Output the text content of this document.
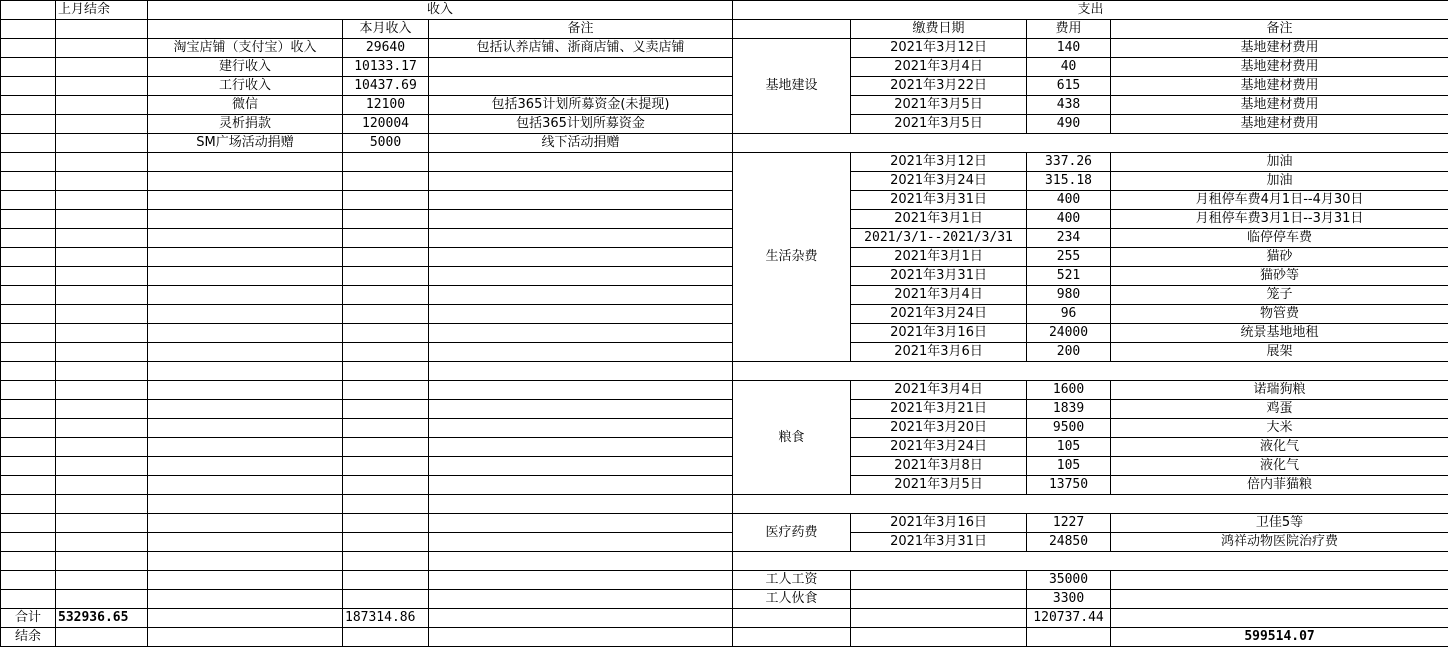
	上月结余	收入			支出			
			本月收入	备注		缴费日期	费用	备注
		淘宝店铺（支付宝）收入	29640	包括认养店铺、浙商店铺、义卖店铺	基地建设	2021年3月12日	140	基地建材费用
		建行收入	10133.17			2021年3月4日	40	基地建材费用
		工行收入	10437.69			2021年3月22日	615	基地建材费用
		微信	12100	包括365计划所募资金(未提现)		2021年3月5日	438	基地建材费用
		灵析捐款	120004	包括365计划所募资金		2021年3月5日	490	基地建材费用
		SM广场活动捐赠	5000	线下活动捐赠				
					生活杂费	2021年3月12日	337.26	加油
						2021年3月24日	315.18	加油
						2021年3月31日	400	月租停车费4月1日--4月30日
						2021年3月1日	400	月租停车费3月1日--3月31日
						2021/3/1--2021/3/31	234	临停停车费
						2021年3月1日	255	猫砂
						2021年3月31日	521	猫砂等
						2021年3月4日	980	笼子
						2021年3月24日	96	物管费
						2021年3月16日	24000	统景基地地租
						2021年3月6日	200	展架

					粮食	2021年3月4日	1600	诺瑞狗粮
						2021年3月21日	1839	鸡蛋
						2021年3月20日	9500	大米
						2021年3月24日	105	液化气
						2021年3月8日	105	液化气
						2021年3月5日	13750	倍内菲猫粮

					医疗药费	2021年3月16日	1227	卫佳5等
						2021年3月31日	24850	鸿祥动物医院治疗费

					工人工资		35000	
					工人伙食		3300	
合计	532936.65		187314.86				120737.44	
结余								599514.07
